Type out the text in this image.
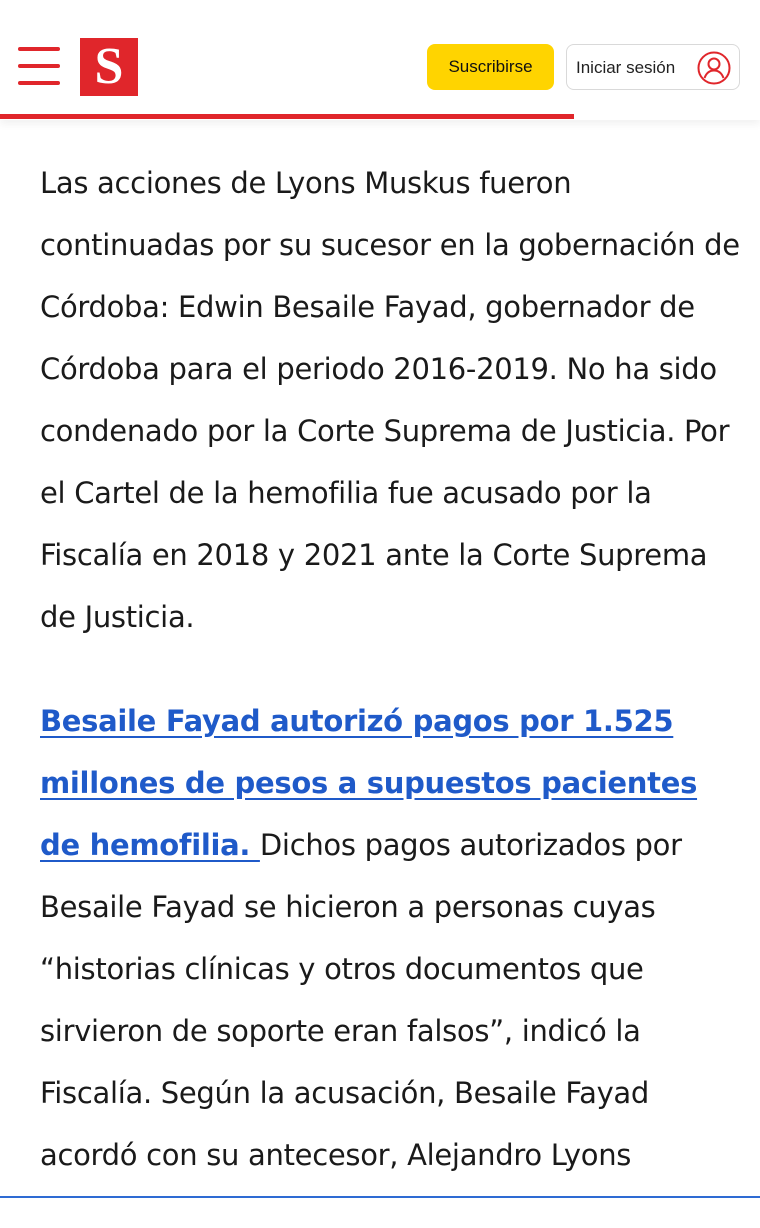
S	Suscribirse	Iniciar sesión

Las acciones de Lyons Muskus fueron continuadas por su sucesor en la gobernación de Córdoba: Edwin Besaile Fayad, gobernador de Córdoba para el periodo 2016-2019. No ha sido condenado por la Corte Suprema de Justicia. Por el Cartel de la hemofilia fue acusado por la Fiscalía en 2018 y 2021 ante la Corte Suprema de Justicia.

Besaile Fayad autorizó pagos por 1.525 millones de pesos a supuestos pacientes de hemofilia. Dichos pagos autorizados por Besaile Fayad se hicieron a personas cuyas “historias clínicas y otros documentos que sirvieron de soporte eran falsos”, indicó la Fiscalía. Según la acusación, Besaile Fayad acordó con su antecesor, Alejandro Lyons
